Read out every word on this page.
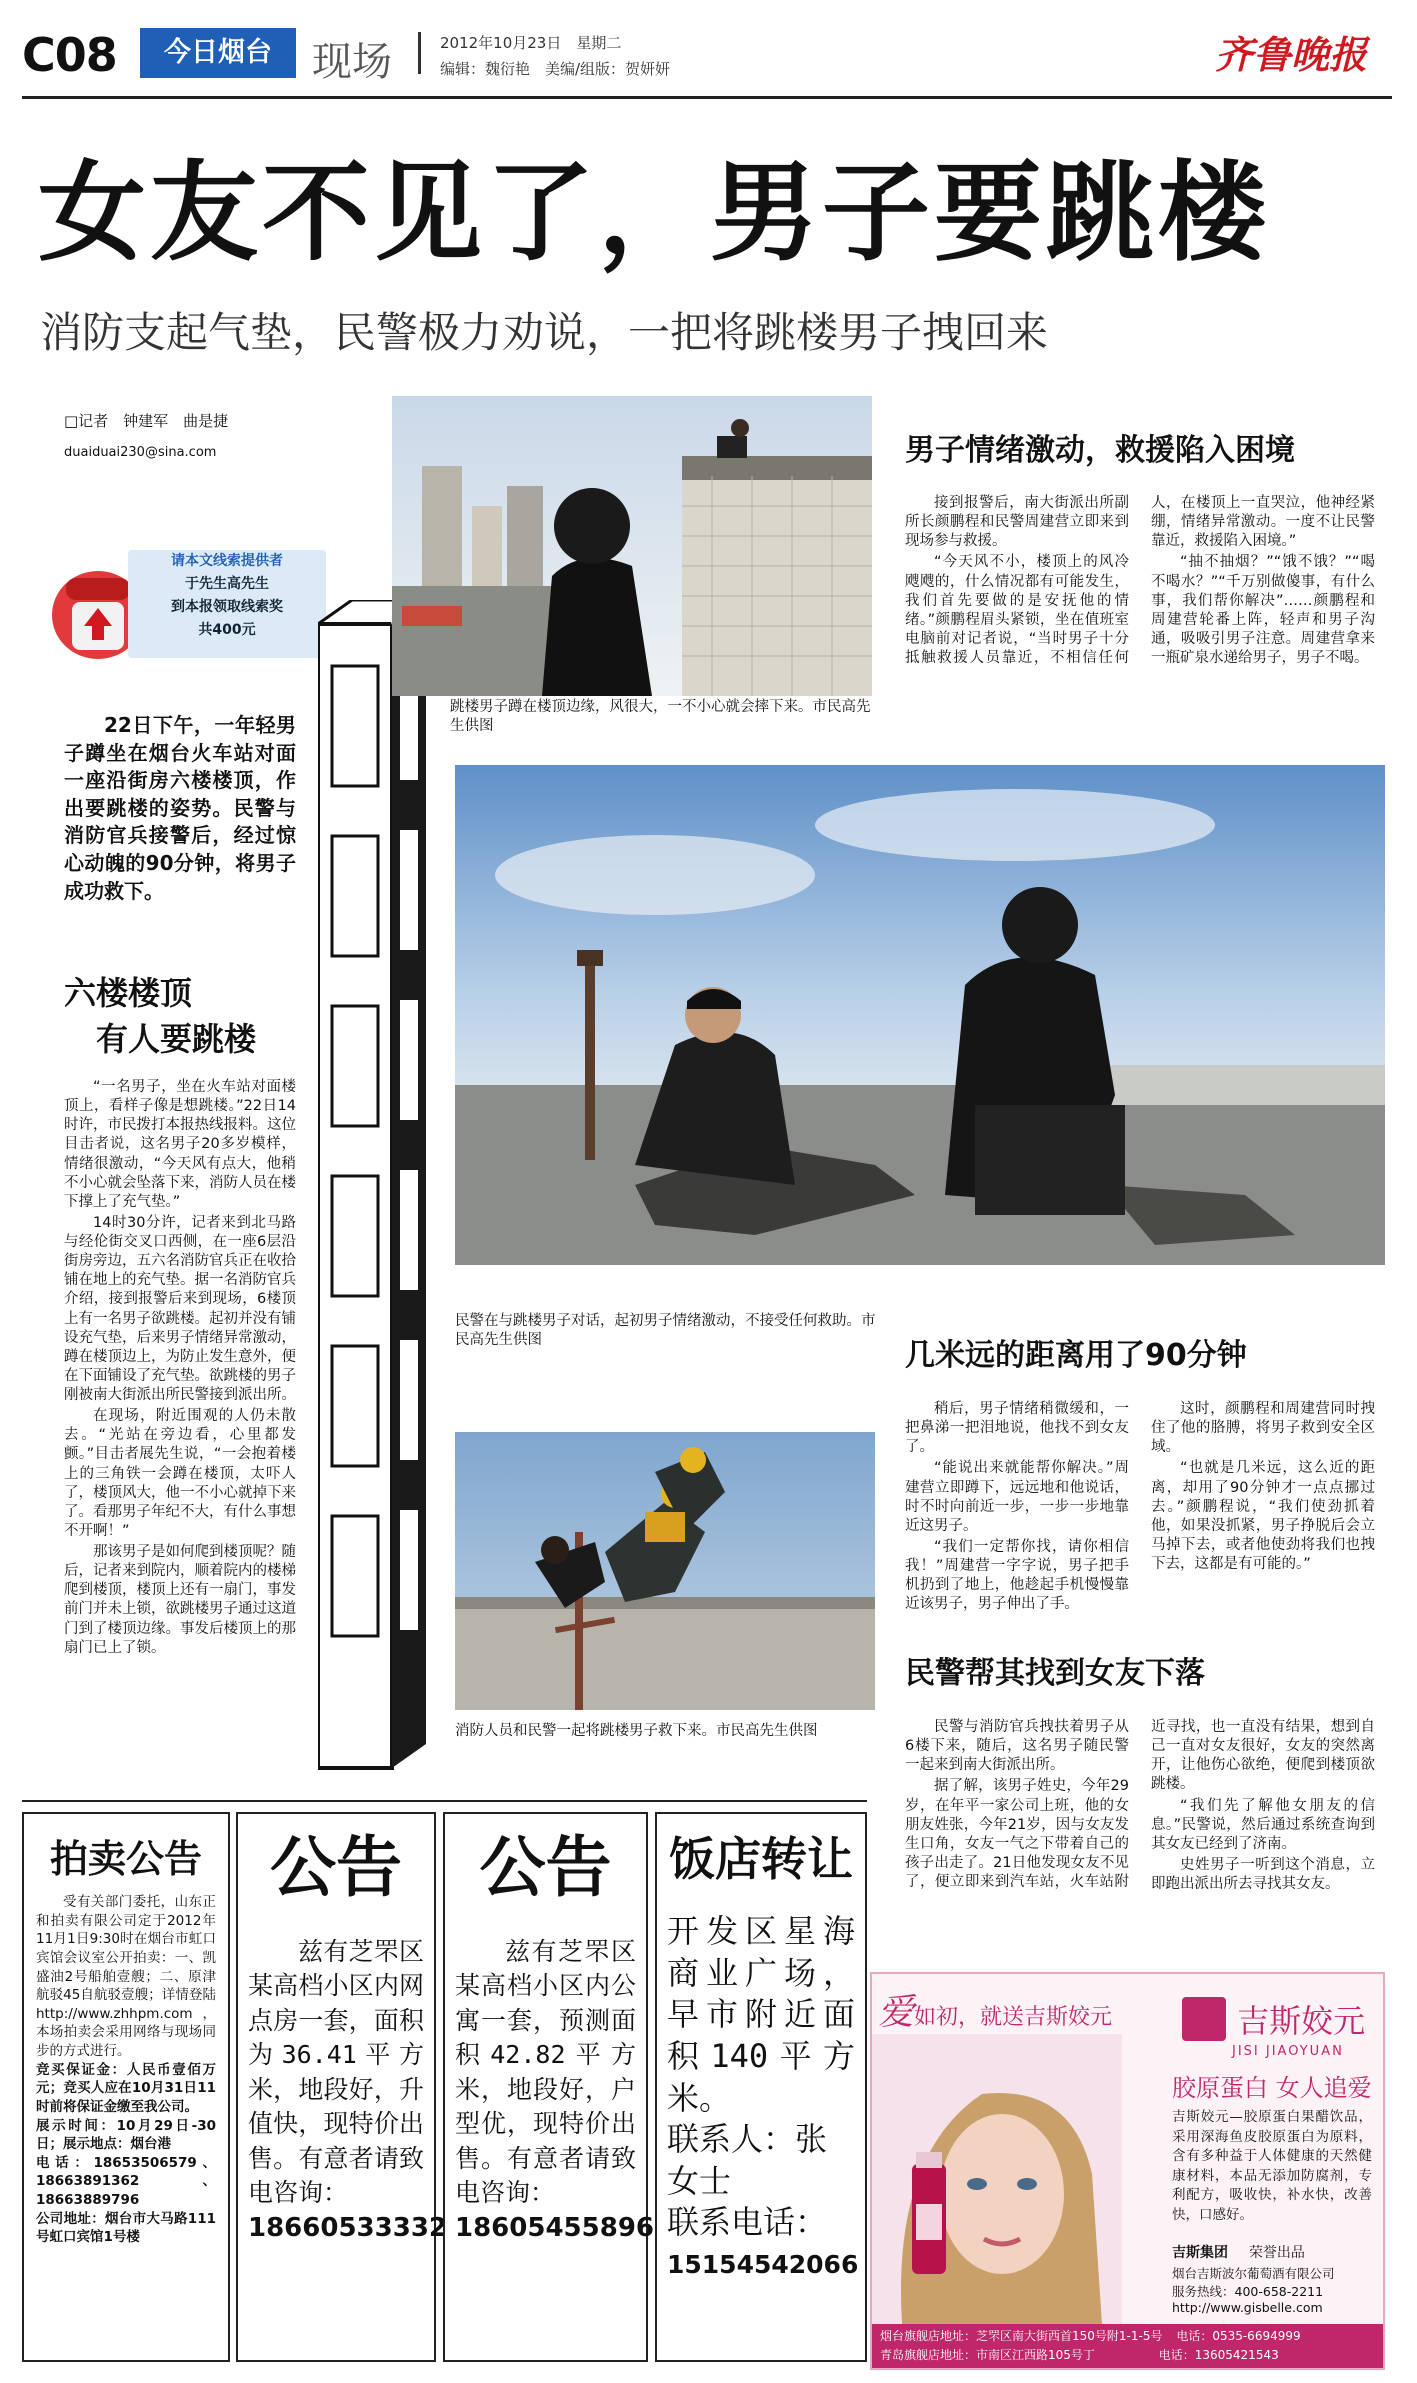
C08	今日烟台	现场	2012年10月23日　星期二
编辑：魏衍艳　美编/组版：贺妍妍	齐鲁晚报
女友不见了，男子要跳楼
消防支起气垫，民警极力劝说，一把将跳楼男子拽回来
□记者　钟建军　曲是捷
duaiduai230@sina.com
请本文线索提供者
于先生高先生
到本报领取线索奖
共400元
22日下午，一年轻男子蹲坐在烟台火车站对面一座沿街房六楼楼顶，作出要跳楼的姿势。民警与消防官兵接警后，经过惊心动魄的90分钟，将男子成功救下。
六楼楼顶
有人要跳楼

“一名男子，坐在火车站对面楼顶上，看样子像是想跳楼。”22日14时许，市民拨打本报热线报料。这位目击者说，这名男子20多岁模样，情绪很激动，“今天风有点大，他稍不小心就会坠落下来，消防人员在楼下撑上了充气垫。”

14时30分许，记者来到北马路与经伦街交叉口西侧，在一座6层沿街房旁边，五六名消防官兵正在收拾铺在地上的充气垫。据一名消防官兵介绍，接到报警后来到现场，6楼顶上有一名男子欲跳楼。起初并没有铺设充气垫，后来男子情绪异常激动，蹲在楼顶边上，为防止发生意外，便在下面铺设了充气垫。欲跳楼的男子刚被南大街派出所民警接到派出所。

在现场，附近围观的人仍未散去。“光站在旁边看，心里都发颤。”目击者展先生说，“一会抱着楼上的三角铁一会蹲在楼顶，太吓人了，楼顶风大，他一不小心就掉下来了。看那男子年纪不大，有什么事想不开啊！”

那该男子是如何爬到楼顶呢？随后，记者来到院内，顺着院内的楼梯爬到楼顶，楼顶上还有一扇门，事发前门并未上锁，欲跳楼男子通过这道门到了楼顶边缘。事发后楼顶上的那扇门已上了锁。

跳楼男子蹲在楼顶边缘，风很大，一不小心就会摔下来。市民高先生供图
男子情绪激动，救援陷入困境

接到报警后，南大街派出所副所长颜鹏程和民警周建营立即来到现场参与救援。

“今天风不小，楼顶上的风冷飕飕的，什么情况都有可能发生，我们首先要做的是安抚他的情绪。”颜鹏程眉头紧锁，坐在值班室电脑前对记者说，“当时男子十分抵触救援人员靠近，不相信任何人，在楼顶上一直哭泣，他神经紧绷，情绪异常激动。一度不让民警靠近，救援陷入困境。”

“抽不抽烟？”“饿不饿？”“喝不喝水？”“千万别做傻事，有什么事，我们帮你解决”……颜鹏程和周建营轮番上阵，轻声和男子沟通，吸吸引男子注意。周建营拿来一瓶矿泉水递给男子，男子不喝。

民警在与跳楼男子对话，起初男子情绪激动，不接受任何救助。市民高先生供图	几米远的距离用了90分钟

稍后，男子情绪稍微缓和，一把鼻涕一把泪地说，他找不到女友了。

“能说出来就能帮你解决。”周建营立即蹲下，远远地和他说话，时不时向前近一步，一步一步地靠近这男子。

“我们一定帮你找，请你相信我！”周建营一字字说，男子把手机扔到了地上，他趁起手机慢慢靠近该男子，男子伸出了手。

这时，颜鹏程和周建营同时拽住了他的胳膊，将男子救到安全区域。

“也就是几米远，这么近的距离，却用了90分钟才一点点挪过去。”颜鹏程说，“我们使劲抓着他，如果没抓紧，男子挣脱后会立马掉下去，或者他使劲将我们也拽下去，这都是有可能的。”

消防人员和民警一起将跳楼男子救下来。市民高先生供图
民警帮其找到女友下落

民警与消防官兵拽扶着男子从6楼下来，随后，这名男子随民警一起来到南大街派出所。

据了解，该男子姓史，今年29岁，在年平一家公司上班，他的女朋友姓张，今年21岁，因与女友发生口角，女友一气之下带着自己的孩子出走了。21日他发现女友不见了，便立即来到汽车站，火车站附近寻找，也一直没有结果，想到自己一直对女友很好，女友的突然离开，让他伤心欲绝，便爬到楼顶欲跳楼。

“我们先了解他女朋友的信息。”民警说，然后通过系统查询到其女友已经到了济南。

史姓男子一听到这个消息，立即跑出派出所去寻找其女友。

拍卖公告
受有关部门委托，山东正和拍卖有限公司定于2012年11月1日9:30时在烟台市虹口宾馆会议室公开拍卖：一、凯盛油2号船舶壹艘；二、原津航驳45自航驳壹艘；详情登陆http://www.zhhpm.com，本场拍卖会采用网络与现场同步的方式进行。
竞买保证金：人民币壹佰万元；竞买人应在10月31日11时前将保证金缴至我公司。
展示时间：10月29日-30日；展示地点：烟台港
电话：18653506579、18663891362、18663889796
公司地址：烟台市大马路111号虹口宾馆1号楼
公告
兹有芝罘区某高档小区内网点房一套，面积为36.41平方米，地段好，升值快，现特价出售。有意者请致电咨询：
18660533332
公告
兹有芝罘区某高档小区内公寓一套，预测面积42.82平方米，地段好，户型优，现特价出售。有意者请致电咨询：
18605455896
饭店转让
开发区星海商业广场，早市附近面积140平方米。
联系人：张女士
联系电话：
15154542066
爱如初，就送吉斯姣元	吉斯姣元
JISI JIAOYUAN
胶原蛋白 女人追爱
吉斯姣元—胶原蛋白果醋饮品，采用深海鱼皮胶原蛋白为原料，含有多种益于人体健康的天然健康材料，本品无添加防腐剂，专利配方，吸收快，补水快，改善快，口感好。
吉斯集团 荣誉出品
烟台吉斯波尔葡萄酒有限公司
服务热线：400-658-2211
http://www.gisbelle.com
烟台旗舰店地址：芝罘区南大街西首150号附1-1-5号 电话：0535-6694999
青岛旗舰店地址：市南区江西路105号丁	电话：13605421543
